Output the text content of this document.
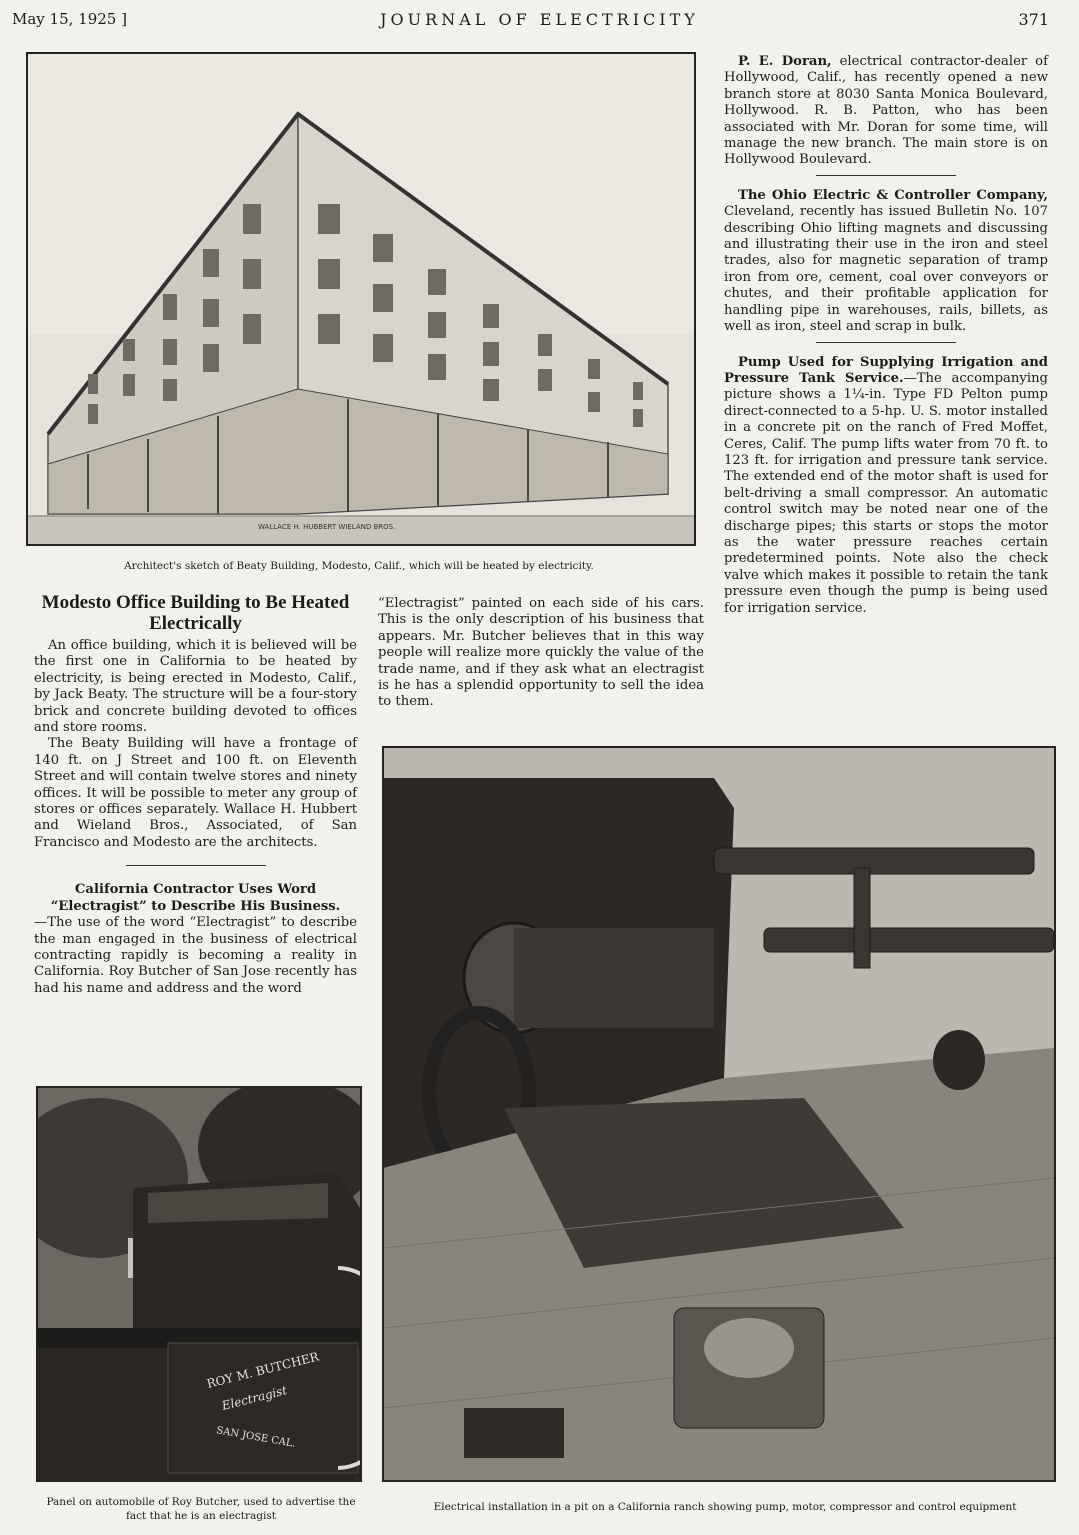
May 15, 1925 ]	JOURNAL OF ELECTRICITY	371
WALLACE H. HUBBERT WIELAND BROS.
Architect's sketch of Beaty Building, Modesto, Calif., which will be heated by electricity.
Modesto Office Building to Be Heated Electrically

An office building, which it is believed will be the first one in California to be heated by electricity, is being erected in Modesto, Calif., by Jack Beaty. The structure will be a four-story brick and concrete building devoted to offices and store rooms.

The Beaty Building will have a frontage of 140 ft. on J Street and 100 ft. on Eleventh Street and will contain twelve stores and ninety offices. It will be possible to meter any group of stores or offices separately. Wallace H. Hubbert and Wieland Bros., Associated, of San Francisco and Modesto are the architects.

California Contractor Uses Word “Electragist” to Describe His Business.

—The use of the word “Electragist” to describe the man engaged in the business of electrical contracting rapidly is becoming a reality in California. Roy Butcher of San Jose recently has had his name and address and the word

“Electragist” painted on each side of his cars. This is the only description of his business that appears. Mr. Butcher believes that in this way people will realize more quickly the value of the trade name, and if they ask what an electragist is he has a splendid opportunity to sell the idea to them.

P. E. Doran, electrical contractor-dealer of Hollywood, Calif., has recently opened a new branch store at 8030 Santa Monica Boulevard, Hollywood. R. B. Patton, who has been associated with Mr. Doran for some time, will manage the new branch. The main store is on Hollywood Boulevard.

The Ohio Electric & Controller Company, Cleveland, recently has issued Bulletin No. 107 describing Ohio lifting magnets and discussing and illustrating their use in the iron and steel trades, also for magnetic separation of tramp iron from ore, cement, coal over conveyors or chutes, and their profitable application for handling pipe in warehouses, rails, billets, as well as iron, steel and scrap in bulk.

Pump Used for Supplying Irrigation and Pressure Tank Service.—The accompanying picture shows a 1¼-in. Type FD Pelton pump direct-connected to a 5-hp. U. S. motor installed in a concrete pit on the ranch of Fred Moffet, Ceres, Calif. The pump lifts water from 70 ft. to 123 ft. for irrigation and pressure tank service. The extended end of the motor shaft is used for belt-driving a small compressor. An automatic control switch may be noted near one of the discharge pipes; this starts or stops the motor as the water pressure reaches certain predetermined points. Note also the check valve which makes it possible to retain the tank pressure even though the pump is being used for irrigation service.

ROY M. BUTCHER
Electragist
SAN JOSE CAL.
Panel on automobile of Roy Butcher, used to advertise the fact that he is an electragist
Electrical installation in a pit on a California ranch showing pump, motor, compressor and control equipment
